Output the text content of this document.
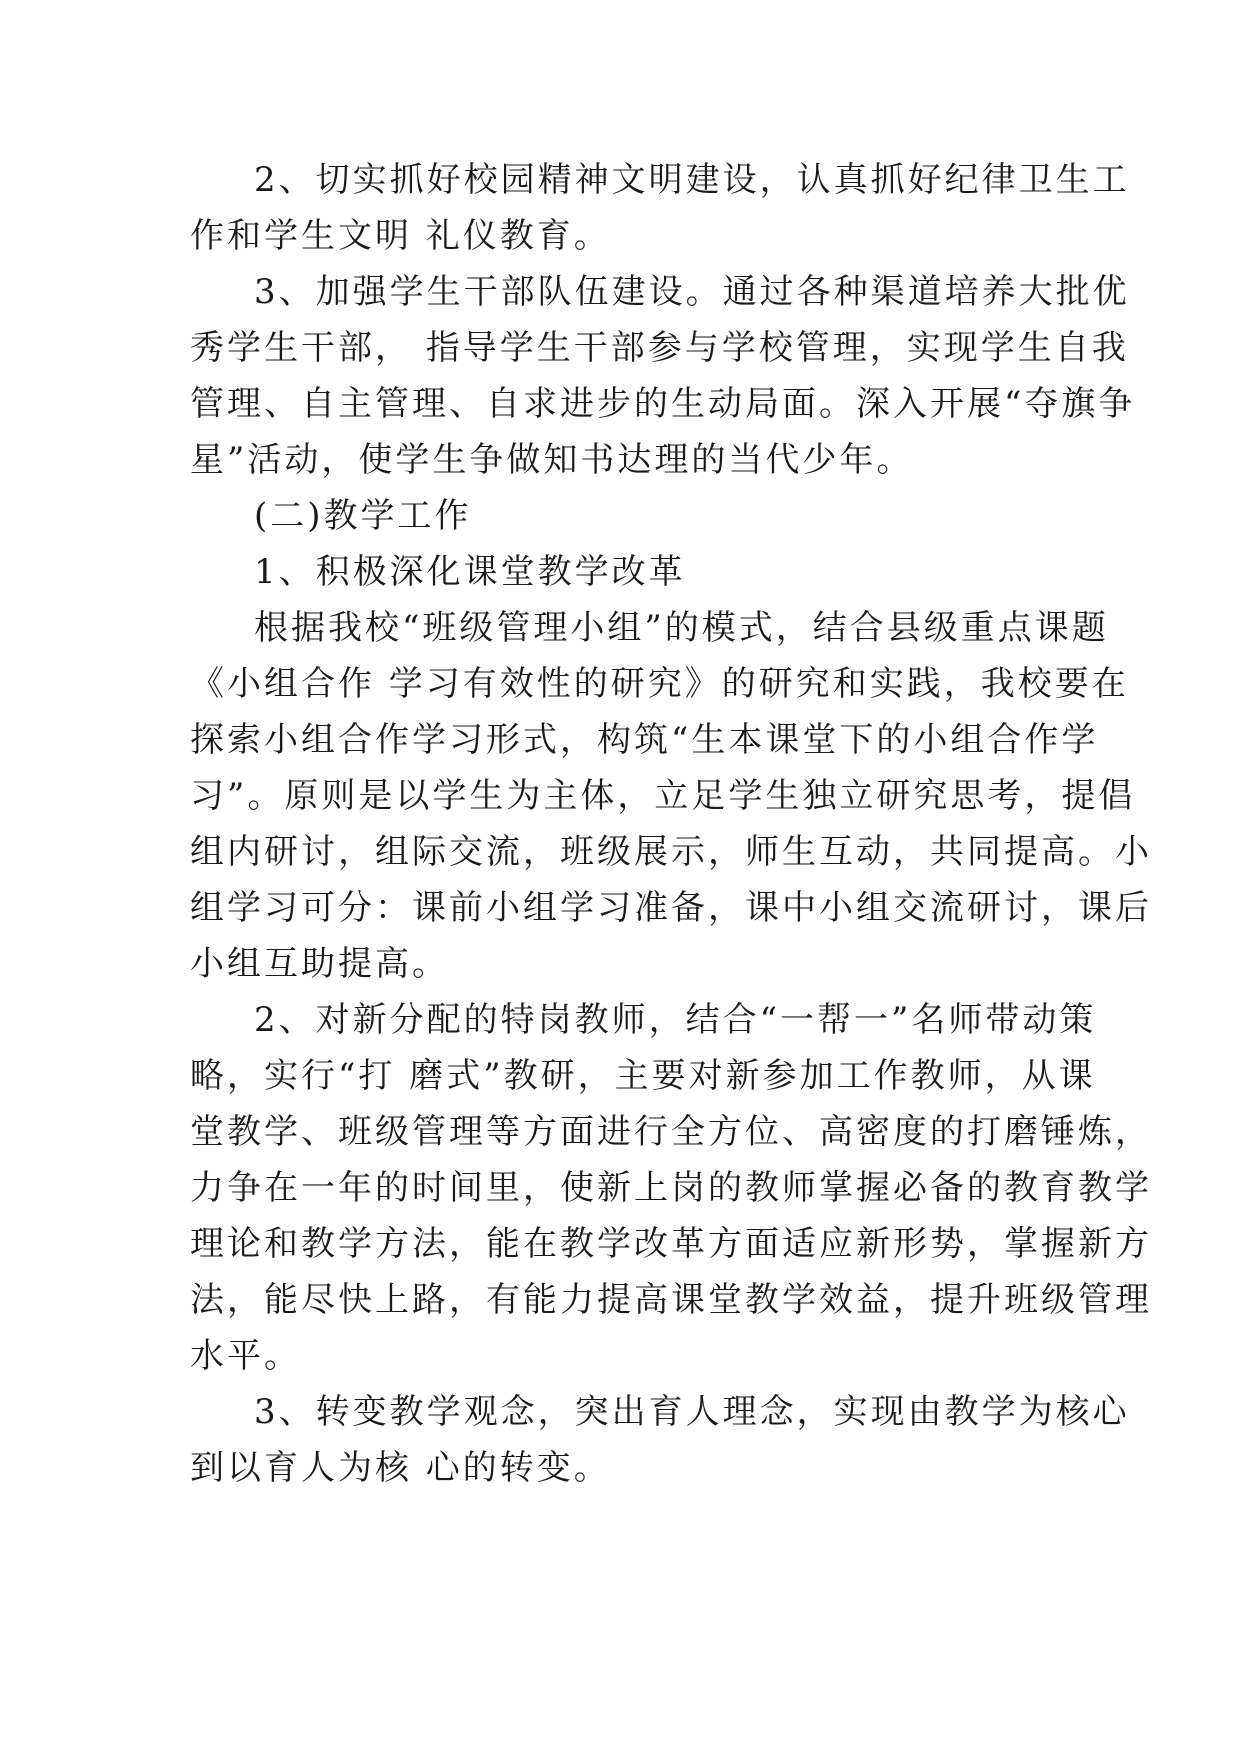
2、切实抓好校园精神文明建设，认真抓好纪律卫生工
作和学生文明 礼仪教育。
3、加强学生干部队伍建设。通过各种渠道培养大批优
秀学生干部， 指导学生干部参与学校管理，实现学生自我
管理、自主管理、自求进步的生动局面。深入开展“夺旗争
星”活动，使学生争做知书达理的当代少年。
(二)教学工作
1、积极深化课堂教学改革
根据我校“班级管理小组”的模式，结合县级重点课题
《小组合作 学习有效性的研究》的研究和实践，我校要在
探索小组合作学习形式，构筑“生本课堂下的小组合作学
习”。原则是以学生为主体，立足学生独立研究思考，提倡
组内研讨，组际交流，班级展示，师生互动，共同提高。小
组学习可分：课前小组学习准备，课中小组交流研讨，课后
小组互助提高。
2、对新分配的特岗教师，结合“一帮一”名师带动策
略，实行“打 磨式”教研，主要对新参加工作教师，从课
堂教学、班级管理等方面进行全方位、高密度的打磨锤炼，
力争在一年的时间里，使新上岗的教师掌握必备的教育教学
理论和教学方法，能在教学改革方面适应新形势，掌握新方
法，能尽快上路，有能力提高课堂教学效益，提升班级管理
水平。
3、转变教学观念，突出育人理念，实现由教学为核心
到以育人为核 心的转变。
